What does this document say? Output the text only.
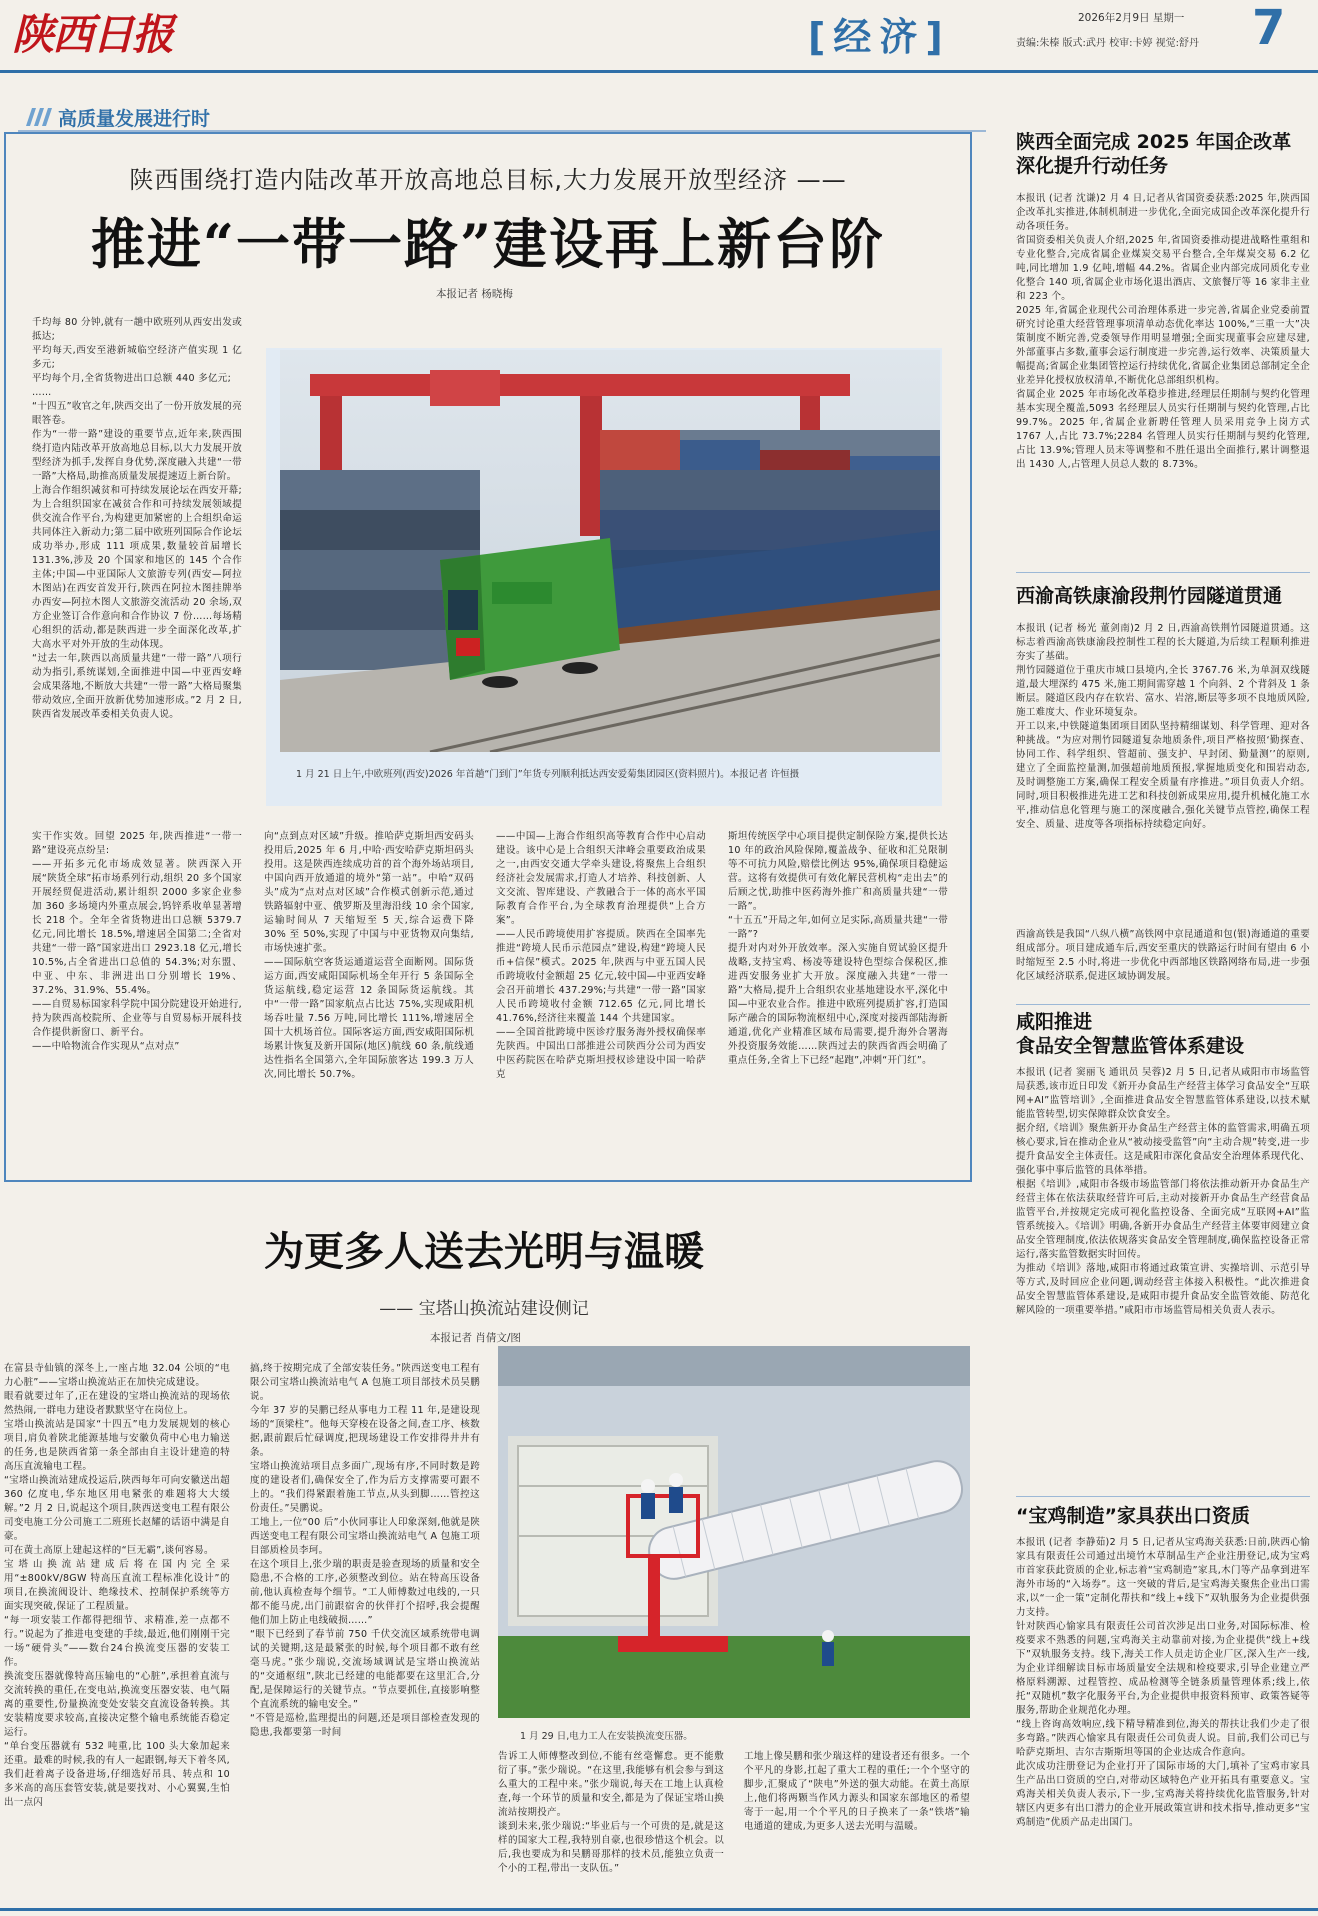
陕西日报	[经济]	2026年2月9日 星期一
责编:朱榛 版式:武丹 校审:卡婷 视觉:舒丹 7
高质量发展进行时
陕西围绕打造内陆改革开放高地总目标,大力发展开放型经济 ——
推进“一带一路”建设再上新台阶
本报记者 杨晓梅
千均每 80 分钟,就有一趟中欧班列从西安出发或抵达;
平均每天,西安至港新城临空经济产值实现 1 亿多元;
平均每个月,全省货物进出口总额 440 多亿元;
……
“十四五”收官之年,陕西交出了一份开放发展的亮眼答卷。
作为“一带一路”建设的重要节点,近年来,陕西围绕打造内陆改革开放高地总目标,以大力发展开放型经济为抓手,发挥自身优势,深度融入共建“一带一路”大格局,助推高质量发展提速迈上新台阶。
上海合作组织减贫和可持续发展论坛在西安开幕;为上合组织国家在减贫合作和可持续发展领域提供交流合作平台,为构建更加紧密的上合组织命运共同体注入新动力;第二届中欧班列国际合作论坛成功举办,形成 111 项成果,数量较首届增长 131.3%,涉及 20 个国家和地区的 145 个合作主体;中国—中亚国际人文旅游专列(西安—阿拉木图站)在西安首发开行,陕西在阿拉木图挂牌举办西安—阿拉木图人文旅游交流活动 20 余场,双方企业签订合作意向和合作协议 7 份……每场精心组织的活动,都是陕西进一步全面深化改革,扩大高水平对外开放的生动体现。
“过去一年,陕西以高质量共建“一带一路”八项行动为指引,系统谋划,全面推进中国—中亚西安峰会成果落地,不断放大共建“一带一路”大格局聚集带动效应,全面开放新优势加速形成。”2 月 2 日,陕西省发展改革委相关负责人说。
1 月 21 日上午,中欧班列(西安)2026 年首趟“门到门”年货专列顺利抵达西安爱菊集团园区(资料照片)。本报记者 许恒摄
实干作实效。回望 2025 年,陕西推进“一带一路”建设亮点纷呈:
——开拓多元化市场成效显著。陕西深入开展“陕货全球”拓市场系列行动,组织 20 多个国家开展经贸促进活动,累计组织 2000 多家企业参加 360 多场境内外重点展会,钨锌系收单显著增长 218 个。全年全省货物进出口总额 5379.7 亿元,同比增长 18.5%,增速居全国第二;全省对共建“一带一路”国家进出口 2923.18 亿元,增长 10.5%,占全省进出口总值的 54.3%;对东盟、中亚、中东、非洲进出口分别增长 19%、37.2%、31.9%、55.4%。
——自贸易标国家科学院中国分院建设开始进行,持为陕西高校院所、企业等与自贸易标开展科技合作提供新窗口、新平台。
——中哈物流合作实现从“点对点”
向“点到点对区域”升级。推哈萨克斯坦西安码头投用后,2025 年 6 月,中哈·西安哈萨克斯坦码头投用。这是陕西连续成功首的首个海外场站项目,中国向西开放通道的境外“第一站”。中哈“双码头”成为“点对点对区域”合作模式创新示范,通过铁路辐射中亚、俄罗斯及里海沿线 10 余个国家,运输时间从 7 天缩短至 5 天,综合运费下降 30% 至 50%,实现了中国与中亚货物双向集结,市场快速扩张。
——国际航空客货运通道运营全面断网。国际货运方面,西安咸阳国际机场全年开行 5 条国际全货运航线,稳定运营 12 条国际货运航线。其中“一带一路”国家航点占比达 75%,实现咸阳机场吞吐量 7.56 万吨,同比增长 111%,增速居全国十大机场首位。国际客运方面,西安咸阳国际机场累计恢复及新开国际(地区)航线 60 条,航线通达性指名全国第六,全年国际旅客达 199.3 万人次,同比增长 50.7%。
——中国—上海合作组织高等教育合作中心启动建设。该中心是上合组织天津峰会重要政治成果之一,由西安交通大学牵头建设,将聚焦上合组织经济社会发展需求,打造人才培养、科技创新、人文交流、智库建设、产教融合于一体的高水平国际教育合作平台,为全球教育治理提供“上合方案”。
——人民币跨境使用扩容提质。陕西在全国率先推进“跨境人民币示范园点”建设,构建“跨境人民币+信保”模式。2025 年,陕西与中亚五国人民币跨境收付金额超 25 亿元,较中国—中亚西安峰会召开前增长 437.29%;与共建“一带一路”国家人民币跨境收付金额 712.65 亿元,同比增长 41.76%,经济往来覆盖 144 个共建国家。
——全国首批跨境中医诊疗服务海外授权确保率先陕西。中国出口部推进公司陕西分公司为西安中医药院医在哈萨克斯坦授权诊建设中国一哈萨克
斯坦传统医学中心项目提供定制保险方案,提供长达 10 年的政治风险保障,覆盖战争、征收和汇兑限制等不可抗力风险,赔偿比例达 95%,确保项目稳健运营。这将有效提供可有效化解民营机构“走出去”的后顾之忧,助推中医药海外推广和高质量共建“一带一路”。
“十五五”开局之年,如何立足实际,高质量共建“一带一路”?
提升对内对外开放效率。深入实施自贸试验区提升战略,支持宝鸡、杨凌等建设特色型综合保税区,推进西安服务业扩大开放。深度融入共建“一带一路”大格局,提升上合组织农业基地建设水平,深化中国—中亚农业合作。推进中欧班列提质扩容,打造国际产融合的国际物流枢纽中心,深度对接西部陆海新通道,优化产业精准区域布局需要,提升海外合署海外投资服务效能……陕西过去的陕西省西会明确了重点任务,全省上下已经“起跑”,冲刺“开门红”。
陕西全面完成 2025 年国企改革深化提升行动任务
本报讯 (记者 沈谦)2 月 4 日,记者从省国资委获悉:2025 年,陕西国企改革扎实推进,体制机制进一步优化,全面完成国企改革深化提升行动各项任务。
省国资委相关负责人介绍,2025 年,省国资委推动提进战略性重组和专业化整合,完成省属企业煤炭交易平台整合,全年煤炭交易 6.2 亿吨,同比增加 1.9 亿吨,增幅 44.2%。省属企业内部完成同质化专业化整合 140 项,省属企业市场化退出酒店、文旅餐厅等 16 家非主业和 223 个。
2025 年,省属企业现代公司治理体系进一步完善,省属企业党委前置研究讨论重大经营管理事项清单动态优化率达 100%,“三重一大”决策制度不断完善,党委领导作用明显增强;全面实现董事会应建尽建,外部董事占多数,董事会运行制度进一步完善,运行效率、决策质量大幅提高;省属企业集团管控运行持续优化,省属企业集团总部制定全企业差异化授权放权清单,不断优化总部组织机构。
省属企业 2025 年市场化改革稳步推进,经理层任期制与契约化管理基本实现全覆盖,5093 名经理层人员实行任期制与契约化管理,占比 99.7%。2025 年,省属企业新聘任管理人员采用竞争上岗方式 1767 人,占比 73.7%;2284 名管理人员实行任期制与契约化管理,占比 13.9%;管理人员末等调整和不胜任退出全面推行,累计调整退出 1430 人,占管理人员总人数的 8.73%。
西渝高铁康渝段荆竹园隧道贯通
本报讯 (记者 杨光 董剑南)2 月 2 日,西渝高铁荆竹园隧道贯通。这标志着西渝高铁康渝段控制性工程的长大隧道,为后续工程顺利推进夯实了基础。
荆竹园隧道位于重庆市城口县境内,全长 3767.76 米,为单洞双线隧道,最大埋深约 475 米,施工期间需穿越 1 个向斜、2 个背斜及 1 条断层。隧道区段内存在软岩、富水、岩溶,断层等多项不良地质风险,施工难度大、作业环境复杂。
开工以来,中铁隧道集团项目团队坚持精细谋划、科学管理、迎对各种挑战。“为应对荆竹园隧道复杂地质条件,项目严格按照‘勤探查、协同工作、科学组织、管超前、强支护、早封闭、勤量测’’的原则,建立了全面监控量测,加强超前地质预报,掌握地质变化和围岩动态,及时调整施工方案,确保工程安全质量有序推进。”项目负责人介绍。同时,项目积极推进先进工艺和科技创新成果应用,提升机械化施工水平,推动信息化管理与施工的深度融合,强化关键节点管控,确保工程安全、质量、进度等各项指标持续稳定向好。
西渝高铁是我国“八纵八横”高铁网中京昆通道和包(银)海通道的重要组成部分。项目建成通车后,西安至重庆的铁路运行时间有望由 6 小时缩短至 2.5 小时,将进一步优化中西部地区铁路网络布局,进一步强化区域经济联系,促进区域协调发展。
咸阳推进
食品安全智慧监管体系建设
本报讯 (记者 窦丽飞 通讯员 吴蓉)2 月 5 日,记者从咸阳市市场监管局获悉,该市近日印发《新开办食品生产经营主体学习食品安全“互联网+AI”监管培训》,全面推进食品安全智慧监管体系建设,以技术赋能监管转型,切实保障群众饮食安全。
据介绍,《培训》聚焦新开办食品生产经营主体的监管需求,明确五项核心要求,旨在推动企业从“被动接受监管”向“主动合规”转变,进一步提升食品安全主体责任。这是咸阳市深化食品安全治理体系现代化、强化事中事后监管的具体举措。
根据《培训》,咸阳市各级市场监管部门将依法推动新开办食品生产经营主体在依法获取经营许可后,主动对接新开办食品生产经营食品监管平台,并按规定完成可视化监控设备、全面完成“互联网+AI”监管系统接入。《培训》明确,各新开办食品生产经营主体要审阅建立食品安全管理制度,依法依规落实食品安全管理制度,确保监控设备正常运行,落实监管数据实时回传。
为推动《培训》落地,咸阳市将通过政策宣讲、实操培训、示范引导等方式,及时回应企业问题,调动经营主体接入积极性。“此次推进食品安全智慧监管体系建设,是咸阳市提升食品安全监管效能、防范化解风险的一项重要举措。”咸阳市市场监管局相关负责人表示。
“宝鸡制造”家具获出口资质
本报讯 (记者 李静茹)2 月 5 日,记者从宝鸡海关获悉:日前,陕西心愉家具有限责任公司通过出境竹木草制品生产企业注册登记,成为宝鸡市首家获此资质的企业,标志着“宝鸡制造”家具,木门等产品拿到进军海外市场的“入场券”。这一突破的背后,是宝鸡海关聚焦企业出口需求,以“一企一策”定制化帮扶和“线上+线下”双轨服务为企业提供强力支持。
针对陕西心愉家具有限责任公司首次涉足出口业务,对国际标准、检疫要求不熟悉的问题,宝鸡海关主动靠前对接,为企业提供“线上+线下”双轨服务支持。线下,海关工作人员走访企业厂区,深入生产一线,为企业详细解读目标市场质量安全法规和检疫要求,引导企业建立严格原料溯源、过程管控、成品检测等全链条质量管理体系;线上,依托“双随机”数字化服务平台,为企业提供申报资料预审、政策答疑等服务,帮助企业规范化办理。
“线上咨询高效响应,线下精导精准到位,海关的帮扶让我们少走了很多弯路。”陕西心愉家具有限责任公司负责人说。目前,我们公司已与哈萨克斯坦、吉尔吉斯斯坦等国的企业达成合作意向。
此次成功注册登记为企业打开了国际市场的大门,填补了宝鸡市家具生产品出口资质的空白,对带动区域特色产业开拓具有重要意义。宝鸡海关相关负责人表示,下一步,宝鸡海关将持续优化监管服务,针对辖区内更多有出口潜力的企业开展政策宣讲和技术指导,推动更多“宝鸡制造”优质产品走出国门。
为更多人送去光明与温暖
—— 宝塔山换流站建设侧记
本报记者 肖倩文/图
在富县寺仙镇的深冬上,一座占地 32.04 公顷的“电力心脏”——宝塔山换流站正在加快完成建设。
眼看就要过年了,正在建设的宝塔山换流站的现场依然热闹,一群电力建设者默默坚守在岗位上。
宝塔山换流站是国家“十四五”电力发展规划的核心项目,肩负着陕北能源基地与安徽负荷中心电力输送的任务,也是陕西省第一条全部由自主设计建造的特高压直流输电工程。
“宝塔山换流站建成投运后,陕西每年可向安徽送出超 360 亿度电,华东地区用电紧张的难题将大大缓解。”2 月 2 日,说起这个项目,陕西送变电工程有限公司变电施工分公司施工二班班长赵耀的话语中满是自豪。
可在黄土高原上建起这样的“巨无霸”,谈何容易。
宝塔山换流站建成后将在国内完全采用“±800kV/8GW 特高压直流工程标准化设计”的项目,在换流阀设计、绝缘技术、控制保护系统等方面实现突破,保证了工程质量。
“每一项安装工作都得把细节、求精准,差一点都不行。”说起为了推进电变建的手续,最近,他们刚刚干完一场“硬骨头”——数台24台换流变压器的安装工作。
换流变压器就像特高压输电的“心脏”,承担着直流与交流转换的重任,在变电站,换流变压器安装、电气隔离的重要性,份量换流变处安装交直流设备转换。其安装精度要求较高,直接决定整个输电系统能否稳定运行。
“单台变压器就有 532 吨重,比 100 头大象加起来还重。最难的时候,我的有人一起跟钢,每天下着冬风,我们赶着离子设备进场,仔细选好吊具、转点和 10 多米高的高压套管安装,就是要找对、小心翼翼,生怕出一点闪
搞,终于按期完成了全部安装任务。”陕西送变电工程有限公司宝塔山换流站电气 A 包施工项目部技术员吴鹏说。
今年 37 岁的吴鹏已经从事电力工程 11 年,是建设现场的“顶梁柱”。他每天穿梭在设备之间,查工序、核数据,跟前跟后忙碌调度,把现场建设工作安排得井井有条。
宝塔山换流站项目点多面广,现场有序,不同时数是跨度的建设者们,确保安全了,作为后方支撑需要可跟不上的。“我们得紧跟着施工节点,从头到脚……管控这份责任。”吴鹏说。
工地上,一位“00 后”小伙同事让人印象深刻,他就是陕西送变电工程有限公司宝塔山换流站电气 A 包施工项目部质检员李珂。
在这个项目上,张少瑞的职责是验查现场的质量和安全隐患,不合格的工序,必须整改到位。站在特高压设备前,他认真检查每个细节。“工人师傅数过电线的,一只都不能马虎,出门前跟宿舍的伙伴打个招呼,我会提醒他们加上防止电线破损……”
“眼下已经到了春节前 750 千伏交流区域系统带电调试的关键期,这是最紧张的时候,每个项目都不敢有丝毫马虎。”张少瑞说,交流场域调试是宝塔山换流站的“交通枢纽”,陕北已经建的电能都要在这里汇合,分配,是保障运行的关键节点。“节点要抓住,直接影响整个直流系统的输电安全。”
“不管是巡检,监理提出的问题,还是项目部检查发现的隐患,我都要第一时间	1 月 29 日,电力工人在安装换流变压器。
告诉工人师傅整改到位,不能有丝毫懈怠。更不能敷衍了事。”张少瑞说。“在这里,我能够有机会参与到这么重大的工程中来。”张少瑞说,每天在工地上认真检查,每一个环节的质量和安全,都是为了保证宝塔山换流站按期投产。
谈到未来,张少瑞说:“毕业后与一个可贵的是,就是这样的国家大工程,我特别自豪,也很珍惜这个机会。以后,我也要成为和吴鹏哥那样的技术员,能独立负责一个小的工程,带出一支队伍。”
工地上像吴鹏和张少瑞这样的建设者还有很多。一个个平凡的身影,扛起了重大工程的重任;一个个坚守的脚步,汇聚成了“陕电”外送的强大动能。在黄土高原上,他们将两颗当作风力源头和国家东部地区的希望寄于一起,用一个个平凡的日子换来了一条“铁塔”输电通道的建成,为更多人送去光明与温暖。
